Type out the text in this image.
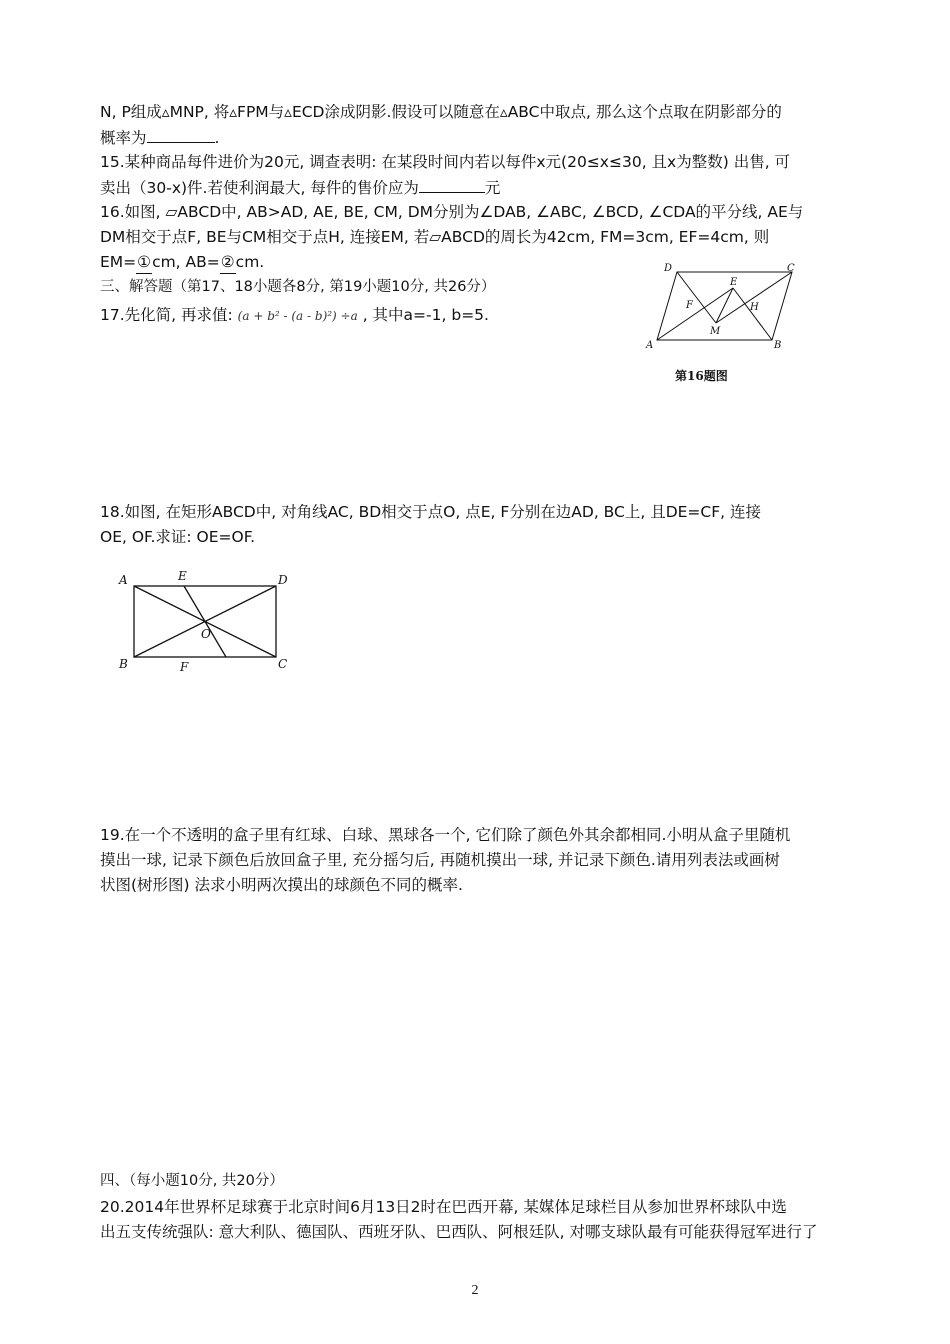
N, P组成▵MNP, 将▵FPM与▵ECD涂成阴影.假设可以随意在▵ABC中取点, 那么这个点取在阴影部分的
概率为	.
15.某种商品每件进价为20元, 调查表明: 在某段时间内若以每件x元(20≤x≤30, 且x为整数) 出售, 可
卖出（30-x)件.若使利润最大, 每件的售价应为	元
16.如图, ▱ABCD中, AB>AD, AE, BE, CM, DM分别为∠DAB, ∠ABC, ∠BCD, ∠CDA的平分线, AE与
DM相交于点F, BE与CM相交于点H, 连接EM, 若▱ABCD的周长为42cm, FM=3cm, EF=4cm, 则
EM=①cm, AB=②cm.
三、解答题（第17、18小题各8分, 第19小题10分, 共26分）
17.先化简, 再求值: (a + b² - (a - b)²) ÷a , 其中a=-1, b=5.
A	B
C
D
E
F	H
M
第16题图
18.如图, 在矩形ABCD中, 对角线AC, BD相交于点O, 点E, F分别在边AD, BC上, 且DE=CF, 连接
OE, OF.求证: OE=OF.
A
B	C
D
E
F
O
19.在一个不透明的盒子里有红球、白球、黑球各一个, 它们除了颜色外其余都相同.小明从盒子里随机
摸出一球, 记录下颜色后放回盒子里, 充分摇匀后, 再随机摸出一球, 并记录下颜色.请用列表法或画树
状图(树形图) 法求小明两次摸出的球颜色不同的概率.
四、（每小题10分, 共20分）
20.2014年世界杯足球赛于北京时间6月13日2时在巴西开幕, 某媒体足球栏目从参加世界杯球队中选
出五支传统强队: 意大利队、德国队、西班牙队、巴西队、阿根廷队, 对哪支球队最有可能获得冠军进行了
2
